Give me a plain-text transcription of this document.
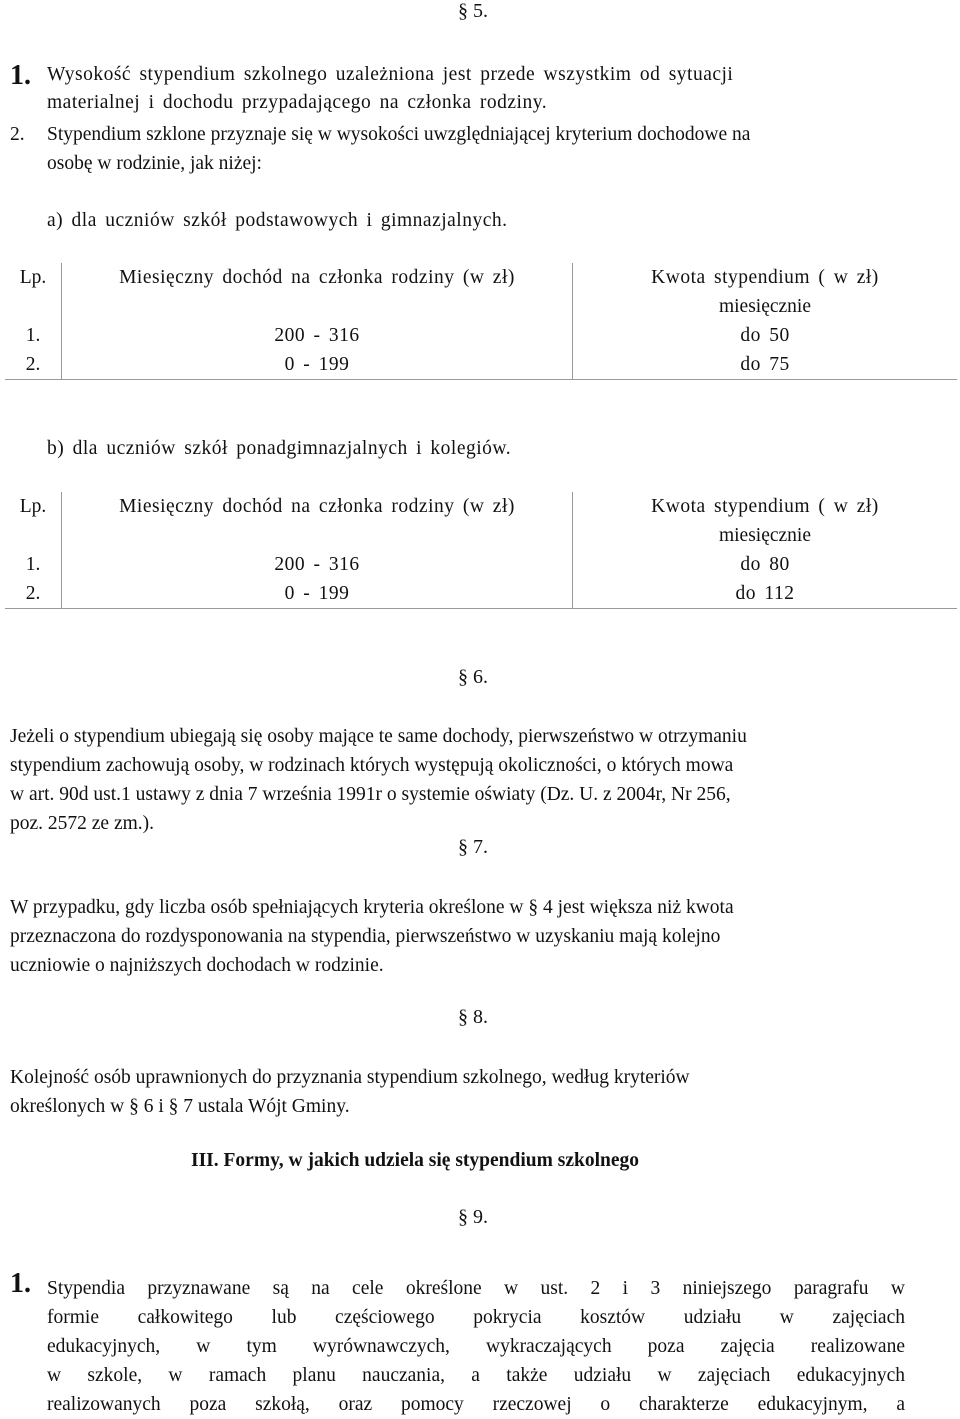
§ 5.
1. Wysokość stypendium szkolnego uzależniona jest przede wszystkim od sytuacji
materialnej i dochodu przypadającego na członka rodziny.
2. Stypendium szklone przyznaje się w wysokości uwzględniającej kryterium dochodowe na
osobę w rodzinie, jak niżej:
a) dla uczniów szkół podstawowych i gimnazjalnych.
Lp.	Miesięczny dochód na członka rodziny (w zł)	Kwota stypendium ( w zł)
		miesięcznie
1.	200 - 316	do 50
2.	0 - 199	do 75
b) dla uczniów szkół ponadgimnazjalnych i kolegiów.
Lp.	Miesięczny dochód na członka rodziny (w zł)	Kwota stypendium ( w zł)
		miesięcznie
1.	200 - 316	do 80
2.	0 - 199	do 112
§ 6.
Jeżeli o stypendium ubiegają się osoby mające te same dochody, pierwszeństwo w otrzymaniu
stypendium zachowują osoby, w rodzinach których występują okoliczności, o których mowa
w art. 90d ust.1 ustawy z dnia 7 września 1991r o systemie oświaty (Dz. U. z 2004r, Nr 256,
poz. 2572 ze zm.).
§ 7.
W przypadku, gdy liczba osób spełniających kryteria określone w § 4 jest większa niż kwota
przeznaczona do rozdysponowania na stypendia, pierwszeństwo w uzyskaniu mają kolejno
uczniowie o najniższych dochodach w rodzinie.
§ 8.
Kolejność osób uprawnionych do przyznania stypendium szkolnego, według kryteriów
określonych w § 6 i § 7 ustala Wójt Gminy.
III. Formy, w jakich udziela się stypendium szkolnego
§ 9.
1. Stypendia przyznawane są na cele określone w ust. 2 i 3 niniejszego paragrafu w
formie całkowitego lub częściowego pokrycia kosztów udziału w zajęciach
edukacyjnych, w tym wyrównawczych, wykraczających poza zajęcia realizowane
w szkole, w ramach planu nauczania, a także udziału w zajęciach edukacyjnych
realizowanych poza szkołą, oraz pomocy rzeczowej o charakterze edukacyjnym, a
